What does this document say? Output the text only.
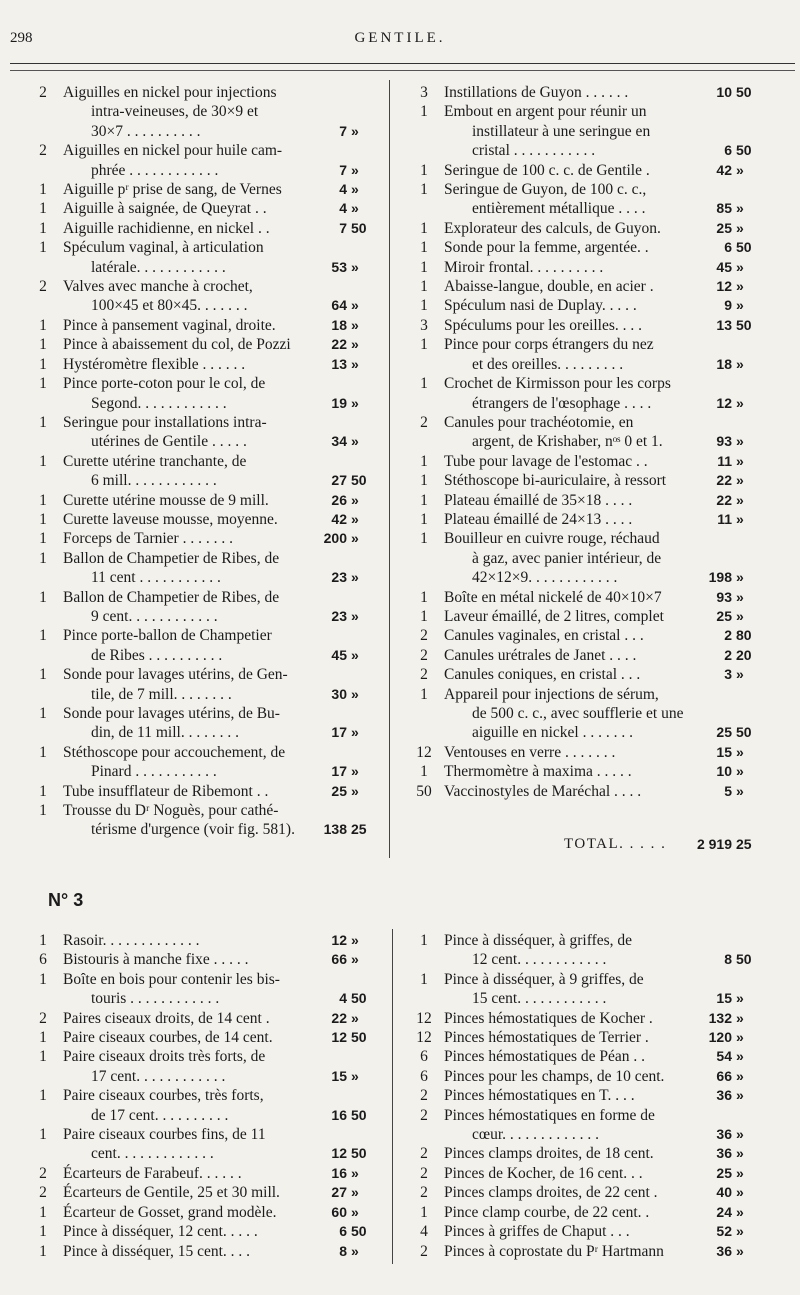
298	GENTILE.
2	Aiguilles en nickel pour injections
intra-veineuses, de 30×9 et
30×7 . . . . . . . . . .	7 »
2	Aiguilles en nickel pour huile cam-
phrée . . . . . . . . . . . .	7 »
1	Aiguille pʳ prise de sang, de Vernes	4 »
1	Aiguille à saignée, de Queyrat . .	4 »
1	Aiguille rachidienne, en nickel . .	7 50
1	Spéculum vaginal, à articulation
latérale. . . . . . . . . . . .	53 »
2	Valves avec manche à crochet,
100×45 et 80×45. . . . . . .	64 »
1	Pince à pansement vaginal, droite.	18 »
1	Pince à abaissement du col, de Pozzi	22 »
1	Hystéromètre flexible . . . . . .	13 »
1	Pince porte-coton pour le col, de
Segond. . . . . . . . . . . .	19 »
1	Seringue pour installations intra-
utérines de Gentile . . . . .	34 »
1	Curette utérine tranchante, de
6 mill. . . . . . . . . . . .	27 50
1	Curette utérine mousse de 9 mill.	26 »
1	Curette laveuse mousse, moyenne.	42 »
1	Forceps de Tarnier . . . . . . .	200 »
1	Ballon de Champetier de Ribes, de
11 cent . . . . . . . . . . .	23 »
1	Ballon de Champetier de Ribes, de
9 cent. . . . . . . . . . . .	23 »
1	Pince porte-ballon de Champetier
de Ribes . . . . . . . . . .	45 »
1	Sonde pour lavages utérins, de Gen-
tile, de 7 mill. . . . . . . .	30 »
1	Sonde pour lavages utérins, de Bu-
din, de 11 mill. . . . . . . .	17 »
1	Stéthoscope pour accouchement, de
Pinard . . . . . . . . . . .	17 »
1	Tube insufflateur de Ribemont . .	25 »
1	Trousse du Dʳ Noguès, pour cathé-
térisme d'urgence (voir fig. 581).	138 25
3	Instillations de Guyon . . . . . .	10 50
1	Embout en argent pour réunir un
instillateur à une seringue en
cristal . . . . . . . . . . .	6 50
1	Seringue de 100 c. c. de Gentile .	42 »
1	Seringue de Guyon, de 100 c. c.,
entièrement métallique . . . .	85 »
1	Explorateur des calculs, de Guyon.	25 »
1	Sonde pour la femme, argentée. .	6 50
1	Miroir frontal. . . . . . . . . .	45 »
1	Abaisse-langue, double, en acier .	12 »
1	Spéculum nasi de Duplay. . . . .	9 »
3	Spéculums pour les oreilles. . . .	13 50
1	Pince pour corps étrangers du nez
et des oreilles. . . . . . . . .	18 »
1	Crochet de Kirmisson pour les corps
étrangers de l'œsophage . . . .	12 »
2	Canules pour trachéotomie, en
argent, de Krishaber, nᵒˢ 0 et 1.	93 »
1	Tube pour lavage de l'estomac . .	11 »
1	Stéthoscope bi-auriculaire, à ressort	22 »
1	Plateau émaillé de 35×18 . . . .	22 »
1	Plateau émaillé de 24×13 . . . .	11 »
1	Bouilleur en cuivre rouge, réchaud
à gaz, avec panier intérieur, de
42×12×9. . . . . . . . . . . .	198 »
1	Boîte en métal nickelé de 40×10×7	93 »
1	Laveur émaillé, de 2 litres, complet	25 »
2	Canules vaginales, en cristal . . .	2 80
2	Canules urétrales de Janet . . . .	2 20
2	Canules coniques, en cristal . . .	3 »
1	Appareil pour injections de sérum,
de 500 c. c., avec soufflerie et une
aiguille en nickel . . . . . . .	25 50
12 Ventouses en verre . . . . . . .	15 »
1	Thermomètre à maxima . . . . .	10 »
50 Vaccinostyles de Maréchal . . . .	5 »
TOTAL. . . . .	2 919 25
N° 3
1	Rasoir. . . . . . . . . . . . .	12 »
6	Bistouris à manche fixe . . . . .	66 »
1	Boîte en bois pour contenir les bis-
touris . . . . . . . . . . . .	4 50
2	Paires ciseaux droits, de 14 cent .	22 »
1	Paire ciseaux courbes, de 14 cent.	12 50
1	Paire ciseaux droits très forts, de
17 cent. . . . . . . . . . . .	15 »
1	Paire ciseaux courbes, très forts,
de 17 cent. . . . . . . . . .	16 50
1	Paire ciseaux courbes fins, de 11
cent. . . . . . . . . . . . .	12 50
2	Écarteurs de Farabeuf. . . . . .	16 »
2	Écarteurs de Gentile, 25 et 30 mill.	27 »
1	Écarteur de Gosset, grand modèle.	60 »
1	Pince à disséquer, 12 cent. . . . .	6 50
1	Pince à disséquer, 15 cent. . . .	8 »
1	Pince à disséquer, à griffes, de
12 cent. . . . . . . . . . . .	8 50
1	Pince à disséquer, à 9 griffes, de
15 cent. . . . . . . . . . . .	15 »
12 Pinces hémostatiques de Kocher .	132 »
12 Pinces hémostatiques de Terrier .	120 »
6	Pinces hémostatiques de Péan . .	54 »
6	Pinces pour les champs, de 10 cent.	66 »
2	Pinces hémostatiques en T. . . .	36 »
2	Pinces hémostatiques en forme de
cœur. . . . . . . . . . . . .	36 »
2	Pinces clamps droites, de 18 cent.	36 »
2	Pinces de Kocher, de 16 cent. . .	25 »
2	Pinces clamps droites, de 22 cent .	40 »
1	Pince clamp courbe, de 22 cent. .	24 »
4	Pinces à griffes de Chaput . . .	52 »
2	Pinces à coprostate du Pʳ Hartmann	36 »
